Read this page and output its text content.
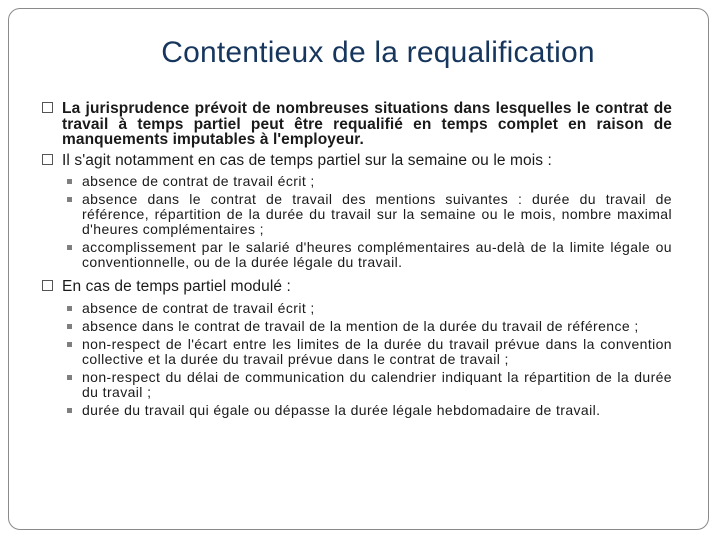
Contentieux de la requalification
La jurisprudence prévoit de nombreuses situations dans lesquelles le contrat de travail à temps partiel peut être requalifié en temps complet en raison de manquements imputables à l'employeur.
Il s'agit notamment en cas de temps partiel sur la semaine ou le mois :
absence de contrat de travail écrit ;
absence dans le contrat de travail des mentions suivantes : durée du travail de référence, répartition de la durée du travail sur la semaine ou le mois, nombre maximal d'heures complémentaires ;
accomplissement par le salarié d'heures complémentaires au-delà de la limite légale ou conventionnelle, ou de la durée légale du travail.
En cas de temps partiel modulé :
absence de contrat de travail écrit ;
absence dans le contrat de travail de la mention de la durée du travail de référence ;
non-respect de l'écart entre les limites de la durée du travail prévue dans la convention collective et la durée du travail prévue dans le contrat de travail ;
non-respect du délai de communication du calendrier indiquant la répartition de la durée du travail ;
durée du travail qui égale ou dépasse la durée légale hebdomadaire de travail.
